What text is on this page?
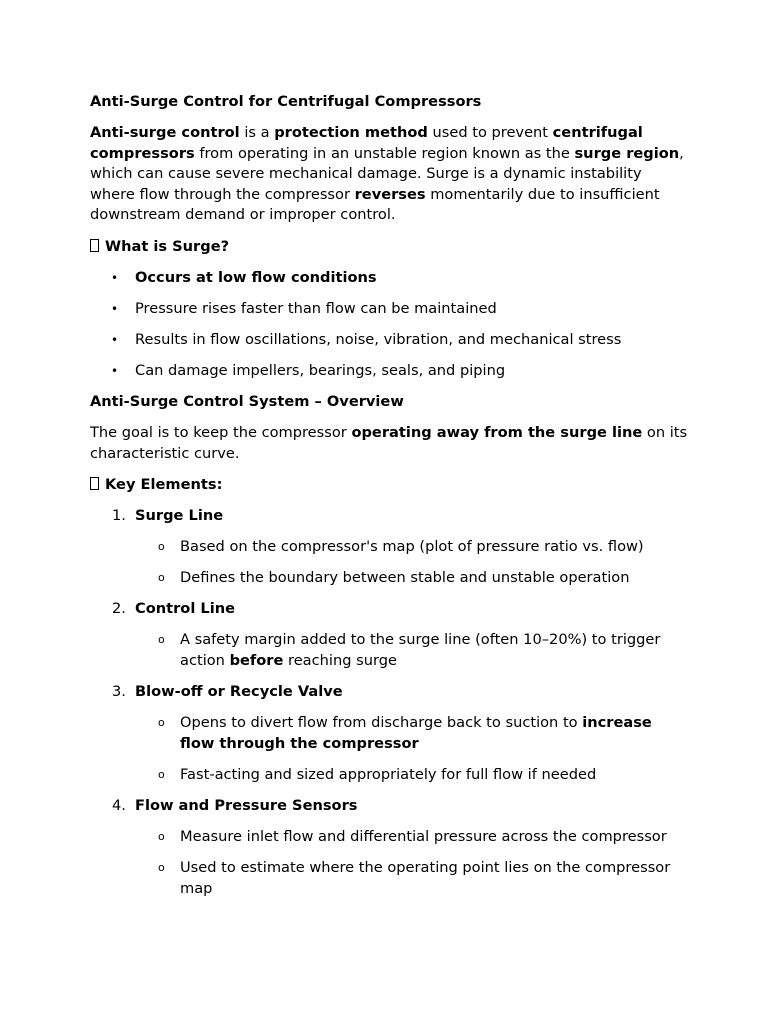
Anti-Surge Control for Centrifugal Compressors

Anti-surge control is a protection method used to prevent centrifugal compressors from operating in an unstable region known as the surge region, which can cause severe mechanical damage. Surge is a dynamic instability where flow through the compressor reverses momentarily due to insufficient downstream demand or improper control.

What is Surge?

• Occurs at low flow conditions
• Pressure rises faster than flow can be maintained
• Results in flow oscillations, noise, vibration, and mechanical stress
• Can damage impellers, bearings, seals, and piping

Anti-Surge Control System – Overview

The goal is to keep the compressor operating away from the surge line on its characteristic curve.

Key Elements:

1. Surge Line
o Based on the compressor's map (plot of pressure ratio vs. flow)
o Defines the boundary between stable and unstable operation
2. Control Line
o A safety margin added to the surge line (often 10–20%) to trigger action before reaching surge
3. Blow-off or Recycle Valve
o Opens to divert flow from discharge back to suction to increase flow through the compressor
o Fast-acting and sized appropriately for full flow if needed
4. Flow and Pressure Sensors
o Measure inlet flow and differential pressure across the compressor
o Used to estimate where the operating point lies on the compressor map
